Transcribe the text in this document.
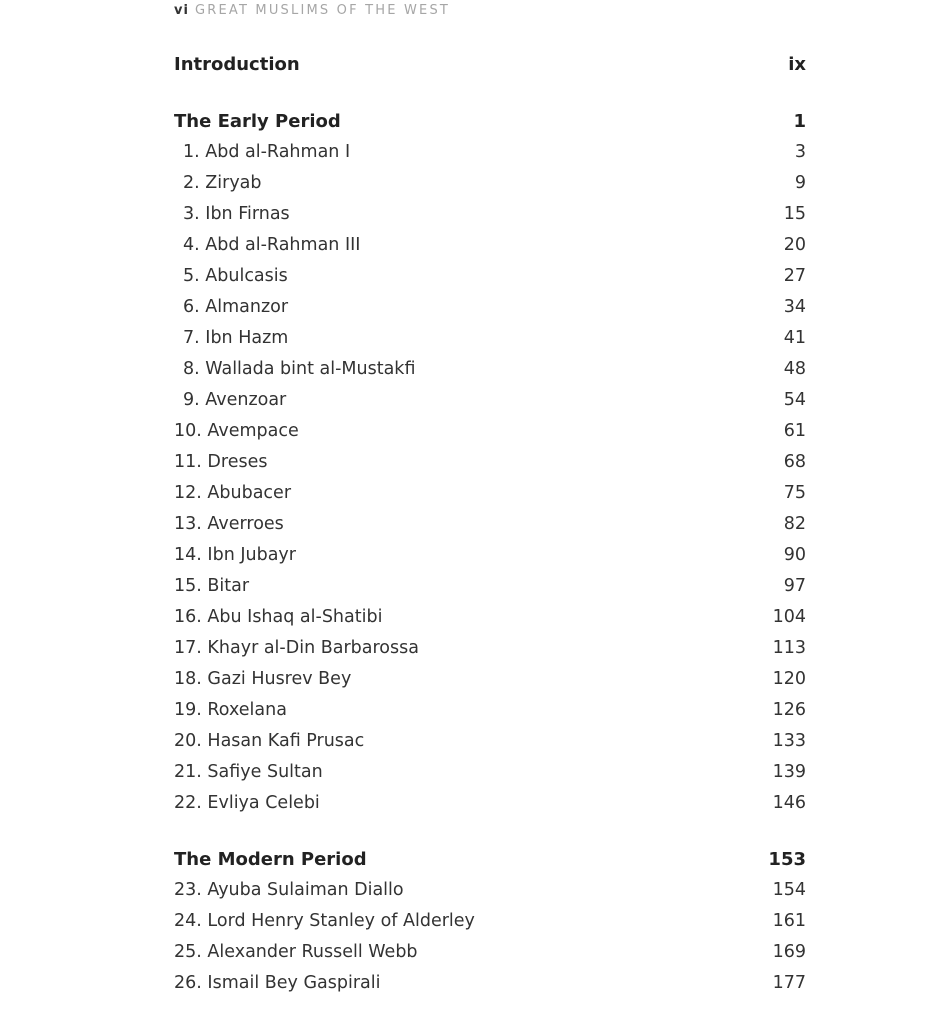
vi GREAT MUSLIMS OF THE WEST
Introduction	ix
The Early Period	1
1. Abd al-Rahman I	3
2. Ziryab	9
3. Ibn Firnas	15
4. Abd al-Rahman III	20
5. Abulcasis	27
6. Almanzor	34
7. Ibn Hazm	41
8. Wallada bint al-Mustakfi	48
9. Avenzoar	54
10. Avempace	61
11. Dreses	68
12. Abubacer	75
13. Averroes	82
14. Ibn Jubayr	90
15. Bitar	97
16. Abu Ishaq al-Shatibi	104
17. Khayr al-Din Barbarossa	113
18. Gazi Husrev Bey	120
19. Roxelana	126
20. Hasan Kafi Prusac	133
21. Safiye Sultan	139
22. Evliya Celebi	146
The Modern Period	153
23. Ayuba Sulaiman Diallo	154
24. Lord Henry Stanley of Alderley	161
25. Alexander Russell Webb	169
26. Ismail Bey Gaspirali	177
